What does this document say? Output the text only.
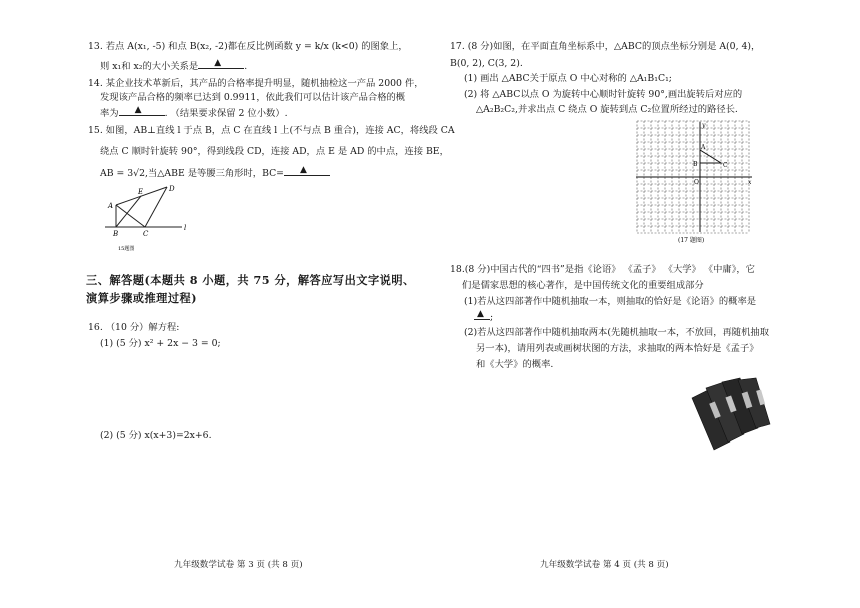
13. 若点 A(x₁, -5) 和点 B(x₂, -2)都在反比例函数 y = k/x (k<0) 的图象上，
则 x₁和 x₂的大小关系是 ▲ .
14. 某企业技术革新后，其产品的合格率提升明显，随机抽检这一产品 2000 件，
发现该产品合格的频率已达到 0.9911，依此我们可以估计该产品合格的概
率为 ▲ . （结果要求保留 2 位小数）.
15. 如图，AB⊥直线 l 于点 B，点 C 在直线 l 上(不与点 B 重合)，连接 AC，将线段 CA
绕点 C 顺时针旋转 90°，得到线段 CD，连接 AD，点 E 是 AD 的中点，连接 BE，
AB = 3√2,当△ABE 是等腰三角形时，BC= ▲
A
B	C
D
E
l
15题图
三、解答题(本题共 8 小题，共 75 分，解答应写出文字说明、
演算步骤或推理过程)
16. （10 分）解方程:
(1) (5 分) x² + 2x − 3 = 0;
(2) (5 分) x(x+3)=2x+6.
九年级数学试卷 第 3 页 (共 8 页)
17. (8 分)如图，在平面直角坐标系中，△ABC的顶点坐标分别是 A(0, 4)，
B(0, 2), C(3, 2).
(1) 画出 △ABC关于原点 O 中心对称的 △A₁B₁C₁;
(2) 将 △ABC以点 O 为旋转中心顺时针旋转 90°,画出旋转后对应的
△A₂B₂C₂,并求出点 C 绕点 O 旋转到点 C₂位置所经过的路径长.
y
x
A
B	C
O
(17 题图)
18.(8 分)中国古代的“四书”是指《论语》 《孟子》 《大学》 《中庸》，它
们是儒家思想的核心著作，是中国传统文化的重要组成部分
(1)若从这四部著作中随机抽取一本，则抽取的恰好是《论语》的概率是
▲ ;
(2)若从这四部著作中随机抽取两本(先随机抽取一本，不放回，再随机抽取
另一本)，请用列表或画树状图的方法，求抽取的两本恰好是《孟子》
和《大学》的概率.
九年级数学试卷 第 4 页 (共 8 页)
